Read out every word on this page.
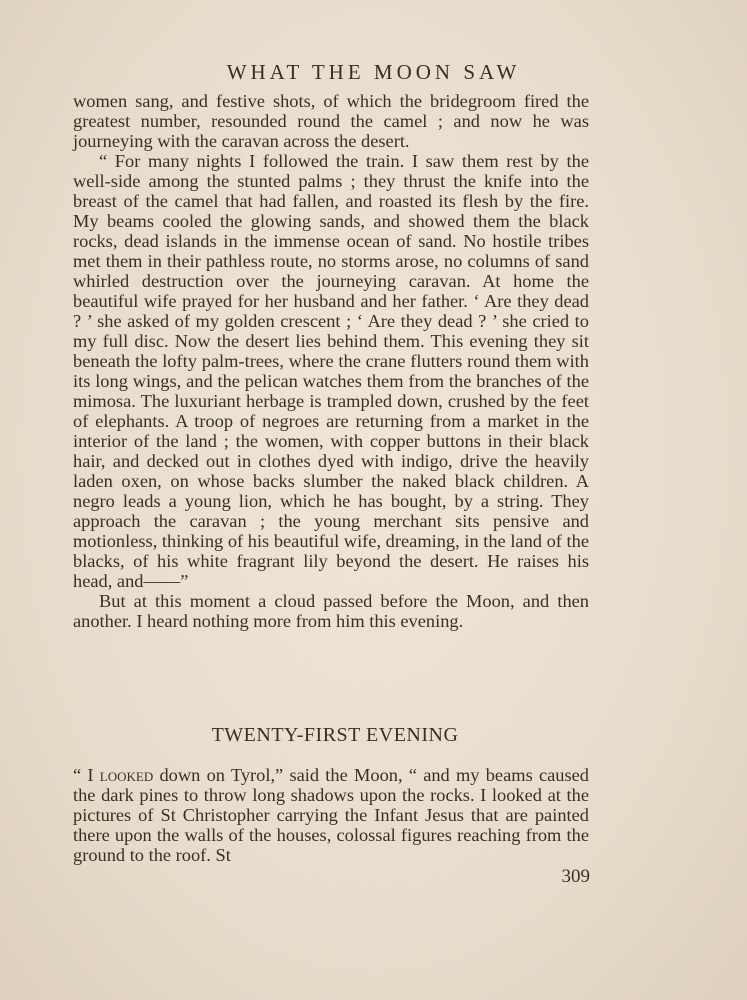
WHAT THE MOON SAW

women sang, and festive shots, of which the bridegroom fired the greatest number, resounded round the camel ; and now he was journeying with the caravan across the desert.

“ For many nights I followed the train. I saw them rest by the well-side among the stunted palms ; they thrust the knife into the breast of the camel that had fallen, and roasted its flesh by the fire. My beams cooled the glowing sands, and showed them the black rocks, dead islands in the immense ocean of sand. No hostile tribes met them in their pathless route, no storms arose, no columns of sand whirled destruction over the journeying caravan. At home the beautiful wife prayed for her husband and her father. ‘ Are they dead ? ’ she asked of my golden crescent ; ‘ Are they dead ? ’ she cried to my full disc. Now the desert lies behind them. This evening they sit beneath the lofty palm-trees, where the crane flutters round them with its long wings, and the pelican watches them from the branches of the mimosa. The luxuriant herbage is trampled down, crushed by the feet of elephants. A troop of negroes are returning from a market in the interior of the land ; the women, with copper buttons in their black hair, and decked out in clothes dyed with indigo, drive the heavily laden oxen, on whose backs slumber the naked black children. A negro leads a young lion, which he has bought, by a string. They approach the caravan ; the young merchant sits pensive and motionless, thinking of his beautiful wife, dreaming, in the land of the blacks, of his white fragrant lily beyond the desert. He raises his head, and——”

But at this moment a cloud passed before the Moon, and then another. I heard nothing more from him this evening.

TWENTY-FIRST EVENING

“ I looked down on Tyrol,” said the Moon, “ and my beams caused the dark pines to throw long shadows upon the rocks. I looked at the pictures of St Christopher carrying the Infant Jesus that are painted there upon the walls of the houses, colossal figures reaching from the ground to the roof. St

309
